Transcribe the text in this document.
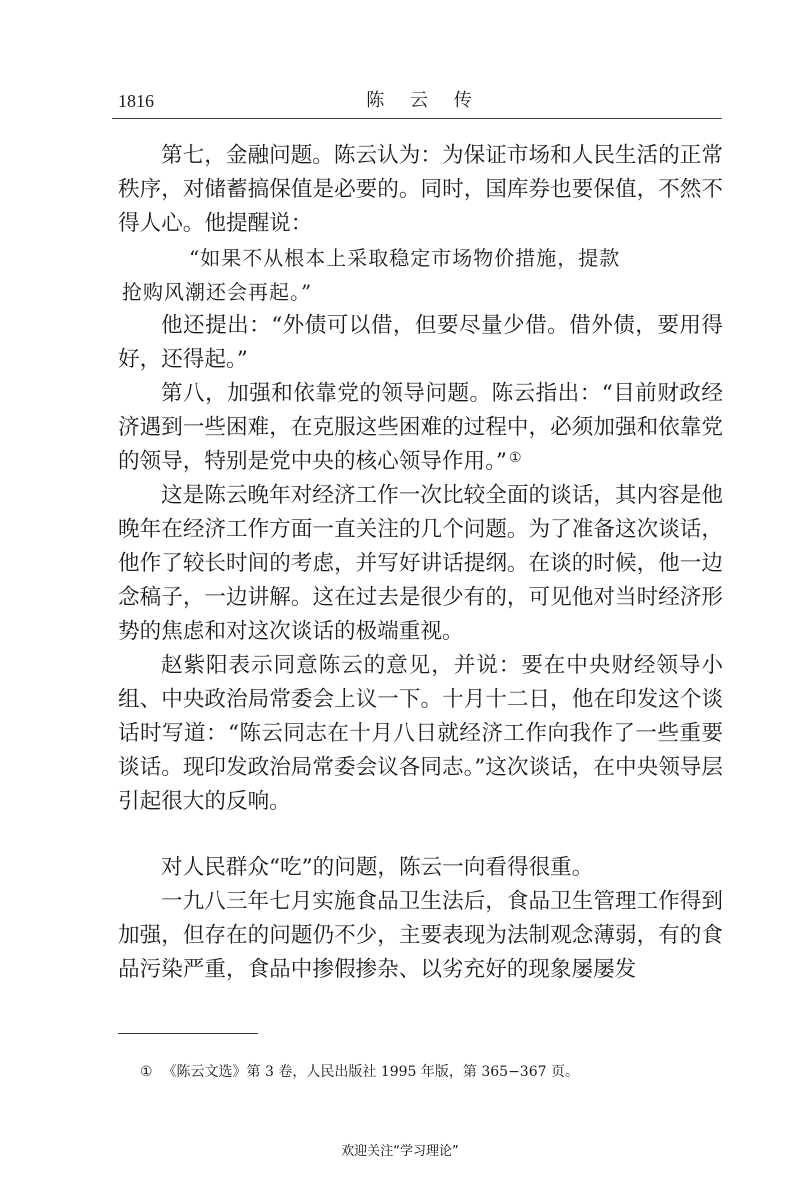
1816	陈 云 传

第七，金融问题。陈云认为：为保证市场和人民生活的正常秩序，对储蓄搞保值是必要的。同时，国库券也要保值，不然不得人心。他提醒说：

“如果不从根本上采取稳定市场物价措施，提款
抢购风潮还会再起。”

他还提出：“外债可以借，但要尽量少借。借外债，要用得好，还得起。”

第八，加强和依靠党的领导问题。陈云指出：“目前财政经济遇到一些困难，在克服这些困难的过程中，必须加强和依靠党的领导，特别是党中央的核心领导作用。” ①

这是陈云晚年对经济工作一次比较全面的谈话，其内容是他晚年在经济工作方面一直关注的几个问题。为了准备这次谈话，他作了较长时间的考虑，并写好讲话提纲。在谈的时候，他一边念稿子，一边讲解。这在过去是很少有的，可见他对当时经济形势的焦虑和对这次谈话的极端重视。

赵紫阳表示同意陈云的意见，并说：要在中央财经领导小组、中央政治局常委会上议一下。十月十二日，他在印发这个谈话时写道：“陈云同志在十月八日就经济工作向我作了一些重要谈话。现印发政治局常委会议各同志。”这次谈话，在中央领导层引起很大的反响。

对人民群众“吃”的问题，陈云一向看得很重。

一九八三年七月实施食品卫生法后，食品卫生管理工作得到加强，但存在的问题仍不少，主要表现为法制观念薄弱，有的食品污染严重，食品中掺假掺杂、以劣充好的现象屡屡发

① 《陈云文选》第 3 卷，人民出版社 1995 年版，第 365−367 页。
欢迎关注“学习理论”
